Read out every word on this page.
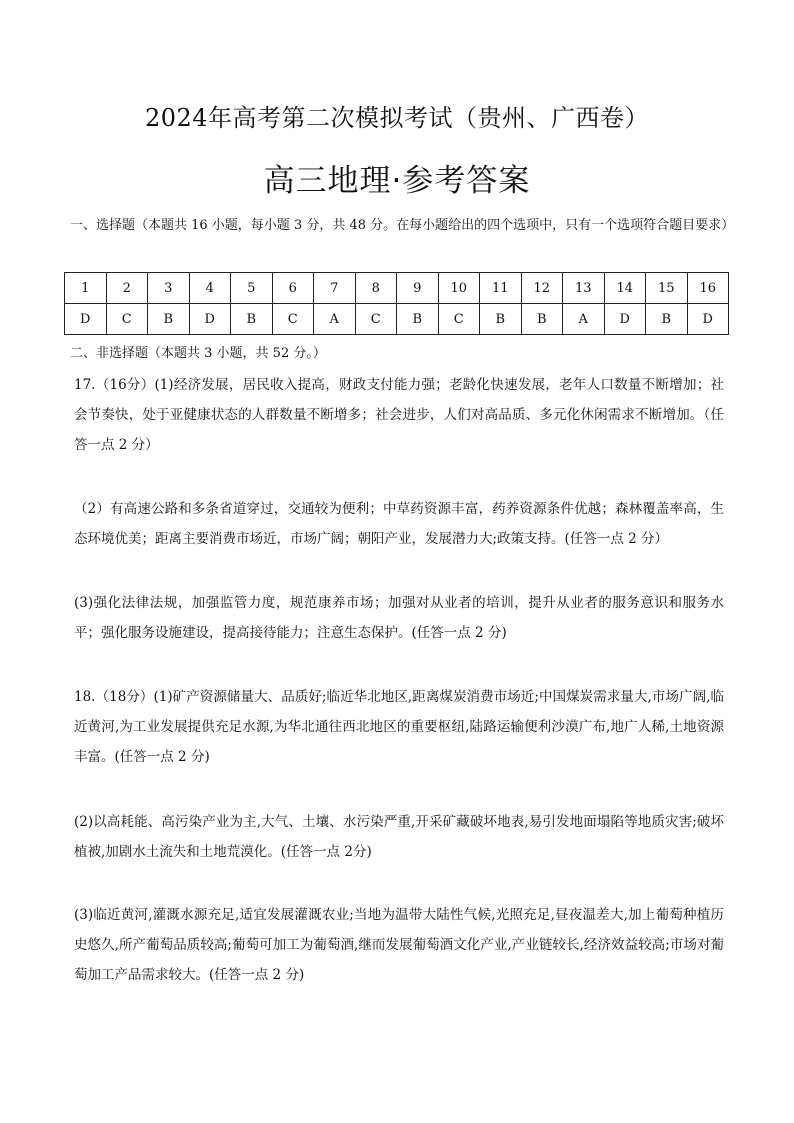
2024年高考第二次模拟考试（贵州、广西卷）
高三地理·参考答案
一、选择题（本题共 16 小题，每小题 3 分，共 48 分。在每小题给出的四个选项中，只有一个选项符合题目要求）
1	2	3	4	5	6	7	8	9	10	11	12	13	14	15	16
D	C	B	D	B	C	A	C	B	C	B	B	A	D	B	D
二、非选择题（本题共 3 小题，共 52 分。）
17.（16分）(1)经济发展，居民收入提高，财政支付能力强；老龄化快速发展，老年人口数量不断增加；社会节奏快，处于亚健康状态的人群数量不断增多；社会进步，人们对高品质、多元化休闲需求不断增加。（任答一点 2 分）
（2）有高速公路和多条省道穿过，交通较为便利；中草药资源丰富，药养资源条件优越；森林覆盖率高，生态环境优美；距离主要消费市场近，市场广阔；朝阳产业，发展潜力大;政策支持。(任答一点 2 分）
(3)强化法律法规，加强监管力度，规范康养市场；加强对从业者的培训，提升从业者的服务意识和服务水平；强化服务设施建设，提高接待能力；注意生态保护。(任答一点 2 分)
18.（18分）(1)矿产资源储量大、品质好;临近华北地区,距离煤炭消费市场近;中国煤炭需求量大,市场广阔,临近黄河,为工业发展提供充足水源,为华北通往西北地区的重要枢纽,陆路运输便利沙漠广布,地广人稀,土地资源丰富。(任答一点 2 分)
(2)以高耗能、高污染产业为主,大气、土壤、水污染严重,开采矿藏破坏地表,易引发地面塌陷等地质灾害;破坏植被,加剧水土流失和土地荒漠化。(任答一点 2分)
(3)临近黄河,灌溉水源充足,适宜发展灌溉农业;当地为温带大陆性气候,光照充足,昼夜温差大,加上葡萄种植历史悠久,所产葡萄品质较高;葡萄可加工为葡萄酒,继而发展葡萄酒文化产业,产业链较长,经济效益较高;市场对葡萄加工产品需求较大。(任答一点 2 分)
